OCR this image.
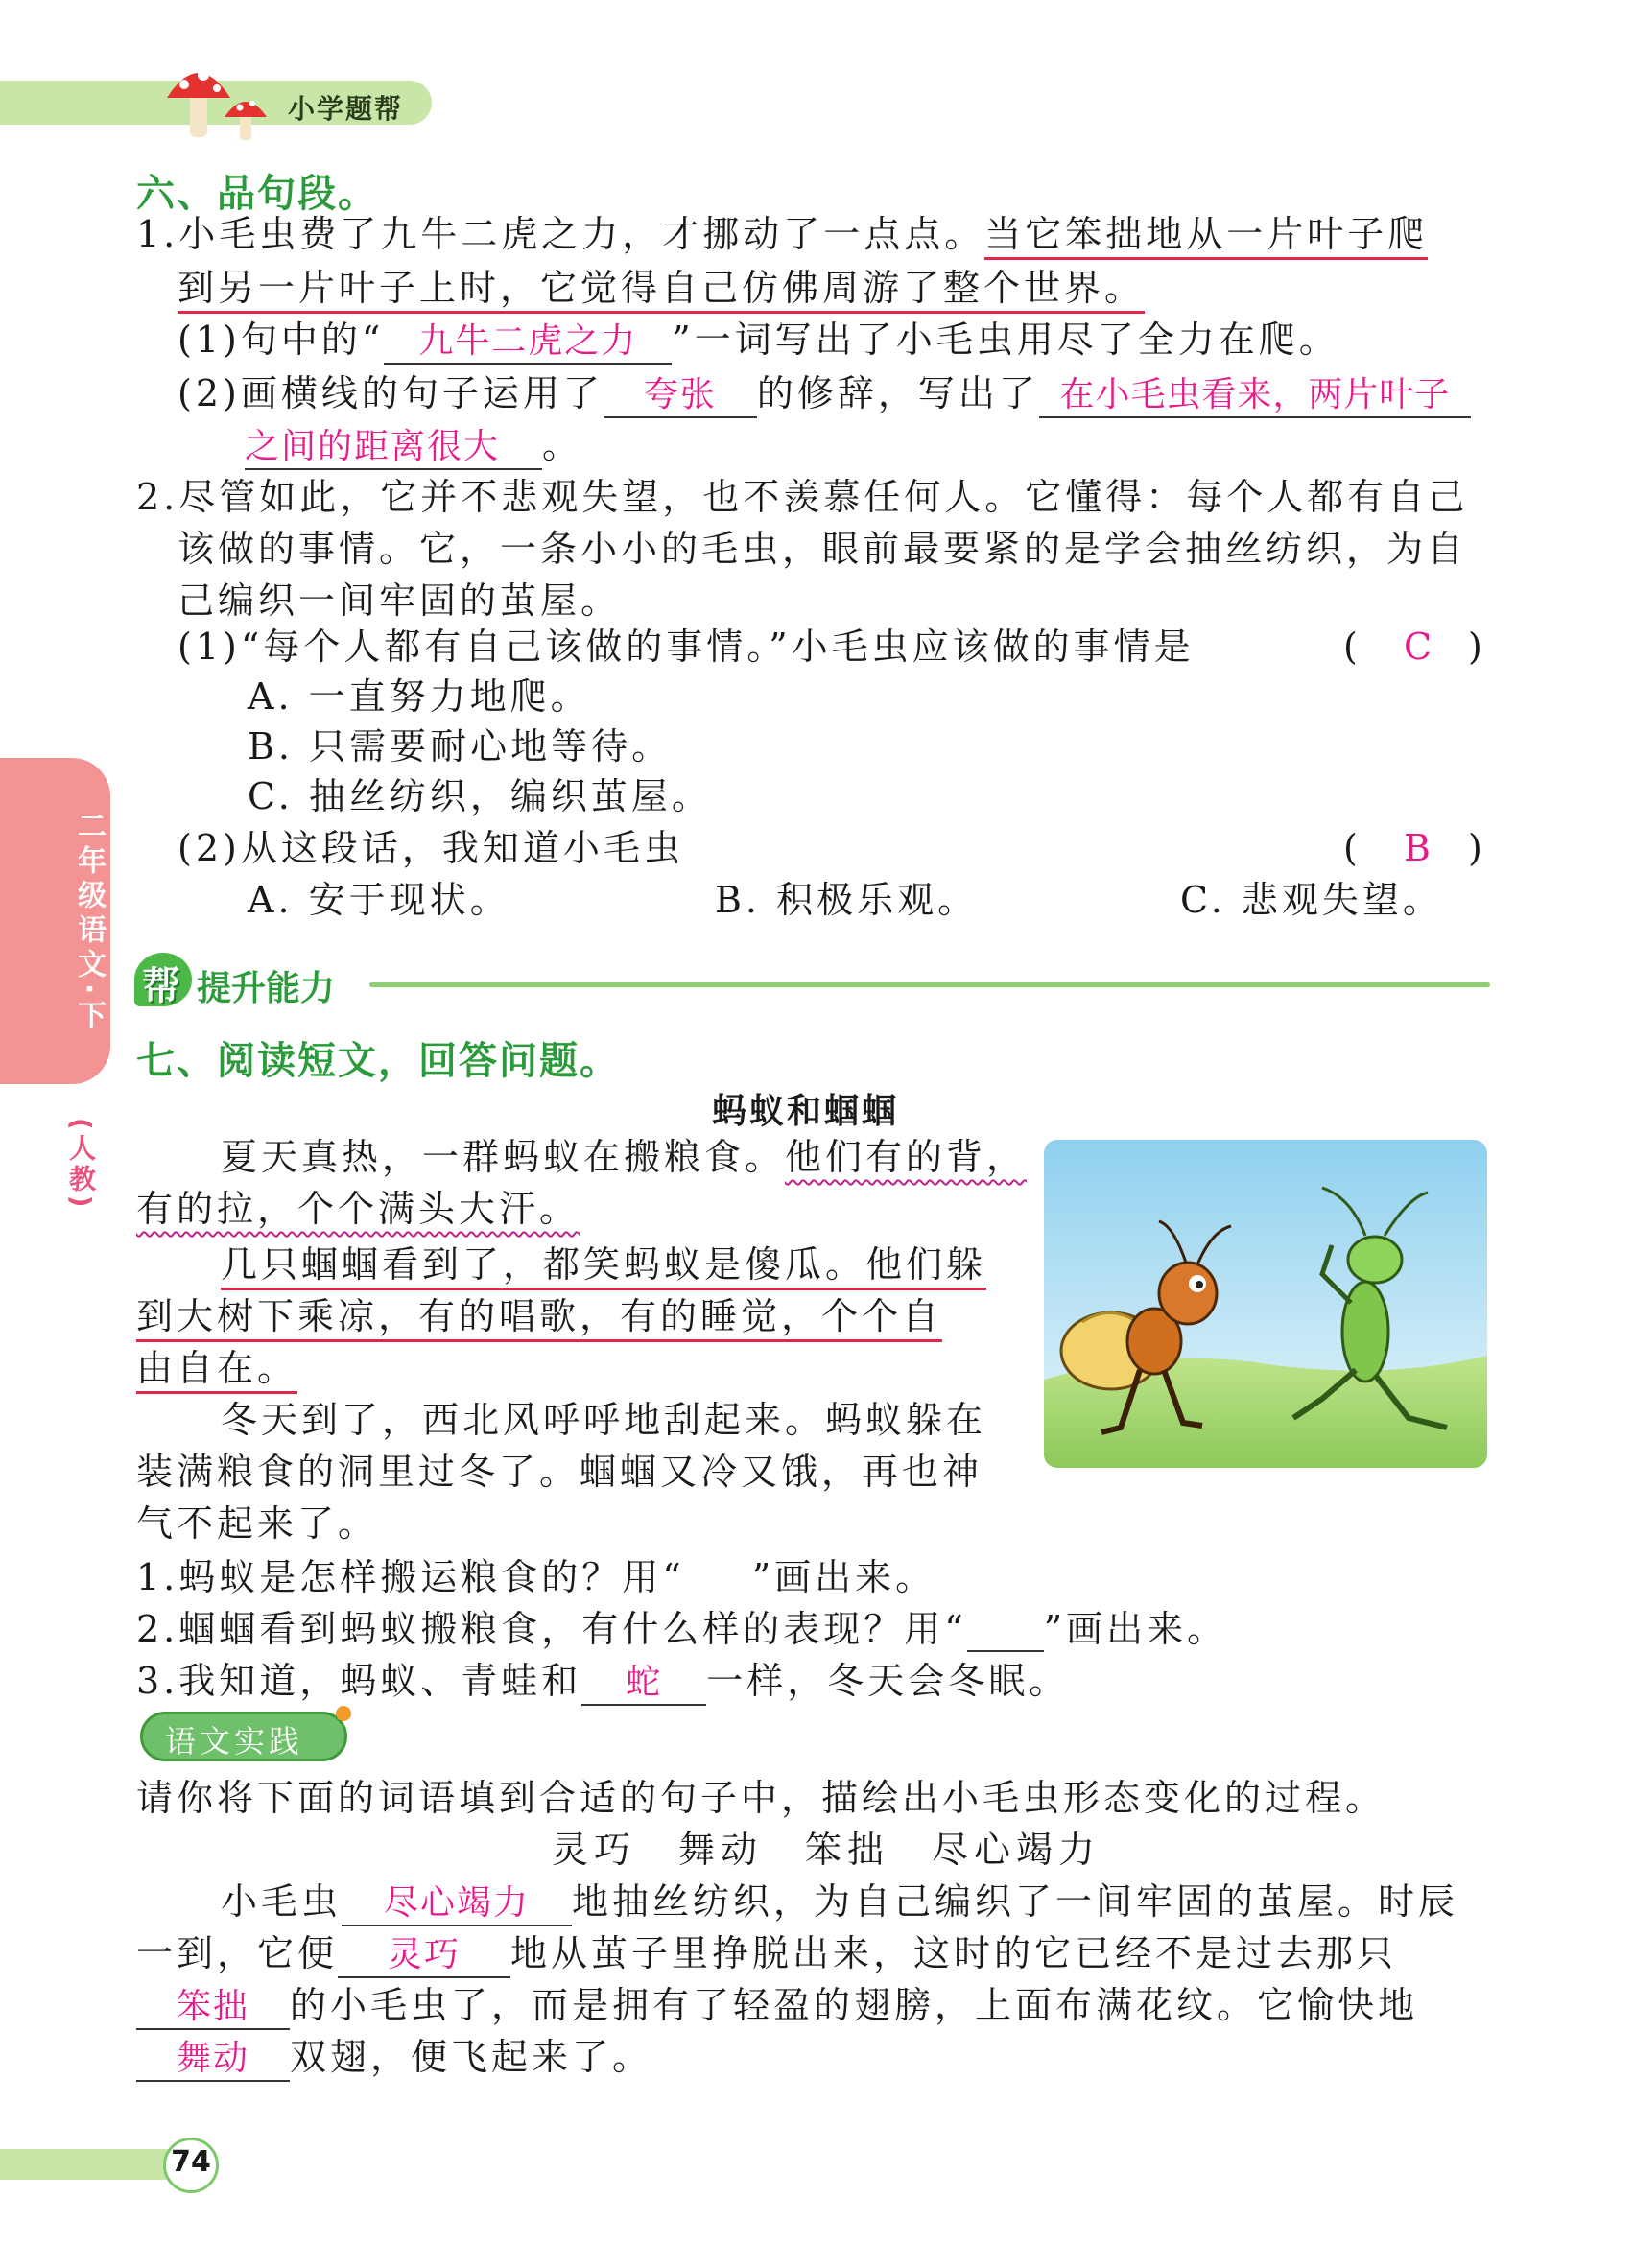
小学题帮
二年级语文·下
(人教)
六、品句段。
1.小毛虫费了九牛二虎之力，才挪动了一点点。当它笨拙地从一片叶子爬
到另一片叶子上时，它觉得自己仿佛周游了整个世界。
(1)句中的“ 九牛二虎之力 ”一词写出了小毛虫用尽了全力在爬。
(2)画横线的句子运用了 夸张 的修辞，写出了 在小毛虫看来，两片叶子
之间的距离很大 。
2.尽管如此，它并不悲观失望，也不羡慕任何人。它懂得：每个人都有自己
该做的事情。它，一条小小的毛虫，眼前最要紧的是学会抽丝纺织，为自
己编织一间牢固的茧屋。
(1)“每个人都有自己该做的事情。”小毛虫应该做的事情是	( C )
A. 一直努力地爬。
B. 只需要耐心地等待。
C. 抽丝纺织，编织茧屋。
(2)从这段话，我知道小毛虫	( B )
A. 安于现状。	B. 积极乐观。	C. 悲观失望。
帮 提升能力
七、阅读短文，回答问题。
蚂蚁和蝈蝈
夏天真热，一群蚂蚁在搬粮食。他们有的背，
有的拉，个个满头大汗。
几只蝈蝈看到了，都笑蚂蚁是傻瓜。他们躲
到大树下乘凉，有的唱歌，有的睡觉，个个自
由自在。
冬天到了，西北风呼呼地刮起来。蚂蚁躲在
装满粮食的洞里过冬了。蝈蝈又冷又饿，再也神
气不起来了。
1.蚂蚁是怎样搬运粮食的？用“ ”画出来。
2.蝈蝈看到蚂蚁搬粮食，有什么样的表现？用“ ”画出来。
3.我知道，蚂蚁、青蛙和 蛇 一样，冬天会冬眠。
语文实践
请你将下面的词语填到合适的句子中，描绘出小毛虫形态变化的过程。
灵巧　舞动　笨拙　尽心竭力
小毛虫 尽心竭力 地抽丝纺织，为自己编织了一间牢固的茧屋。时辰
一到，它便 灵巧 地从茧子里挣脱出来，这时的它已经不是过去那只
笨拙 的小毛虫了，而是拥有了轻盈的翅膀，上面布满花纹。它愉快地
舞动 双翅，便飞起来了。
74
